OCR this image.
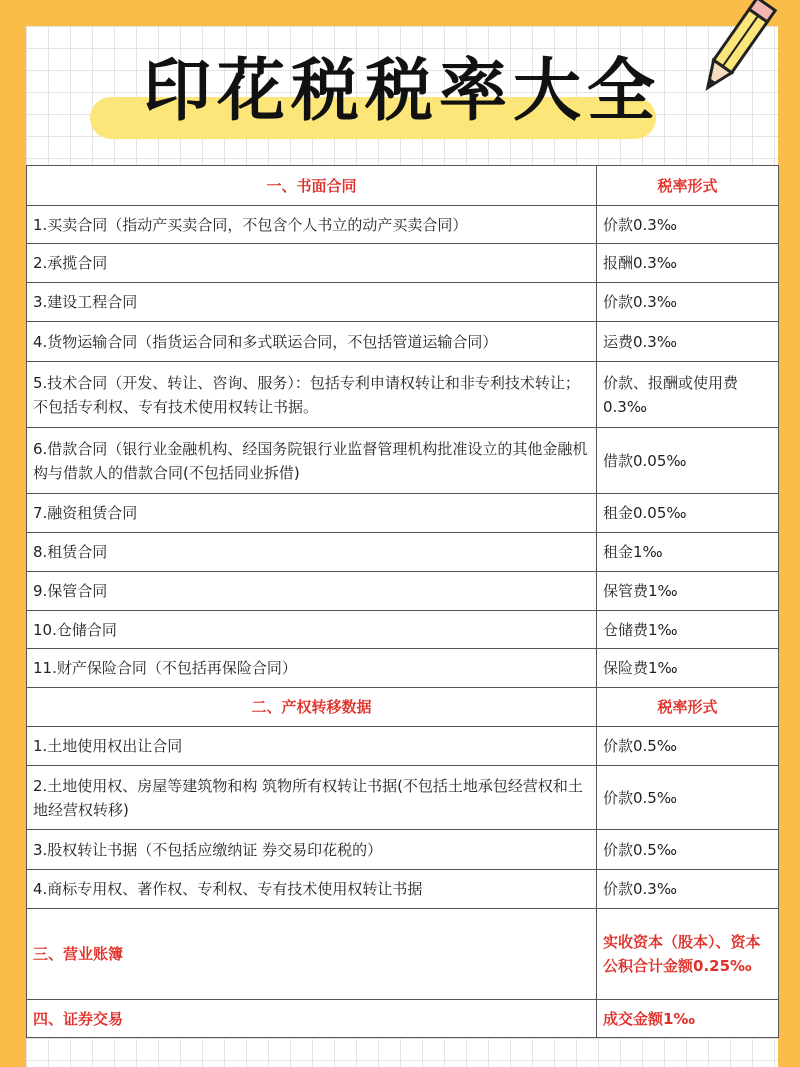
印花税税率大全
一、书面合同	税率形式
1.买卖合同（指动产买卖合同，不包含个人书立的动产买卖合同）	价款0.3‰
2.承揽合同	报酬0.3‰
3.建设工程合同	价款0.3‰
4.货物运输合同（指货运合同和多式联运合同，不包括管道运输合同）	运费0.3‰
5.技术合同（开发、转让、咨询、服务）：包括专利申请权转让和非专利技术转让；不包括专利权、专有技术使用权转让书据。	价款、报酬或使用费0.3‰
6.借款合同（银行业金融机构、经国务院银行业监督管理机构批准设立的其他金融机构与借款人的借款合同(不包括同业拆借)	借款0.05‰
7.融资租赁合同	租金0.05‰
8.租赁合同	租金1‰
9.保管合同	保管费1‰
10.仓储合同	仓储费1‰
11.财产保险合同（不包括再保险合同）	保险费1‰
二、产权转移数据	税率形式
1.土地使用权出让合同	价款0.5‰
2.土地使用权、房屋等建筑物和构 筑物所有权转让书据(不包括土地承包经营权和土地经营权转移)	价款0.5‰
3.股权转让书据（不包括应缴纳证 券交易印花税的）	价款0.5‰
4.商标专用权、著作权、专利权、专有技术使用权转让书据	价款0.3‰
三、营业账簿	实收资本（股本）、资本公积合计金额0.25‰
四、证券交易	成交金额1‰
